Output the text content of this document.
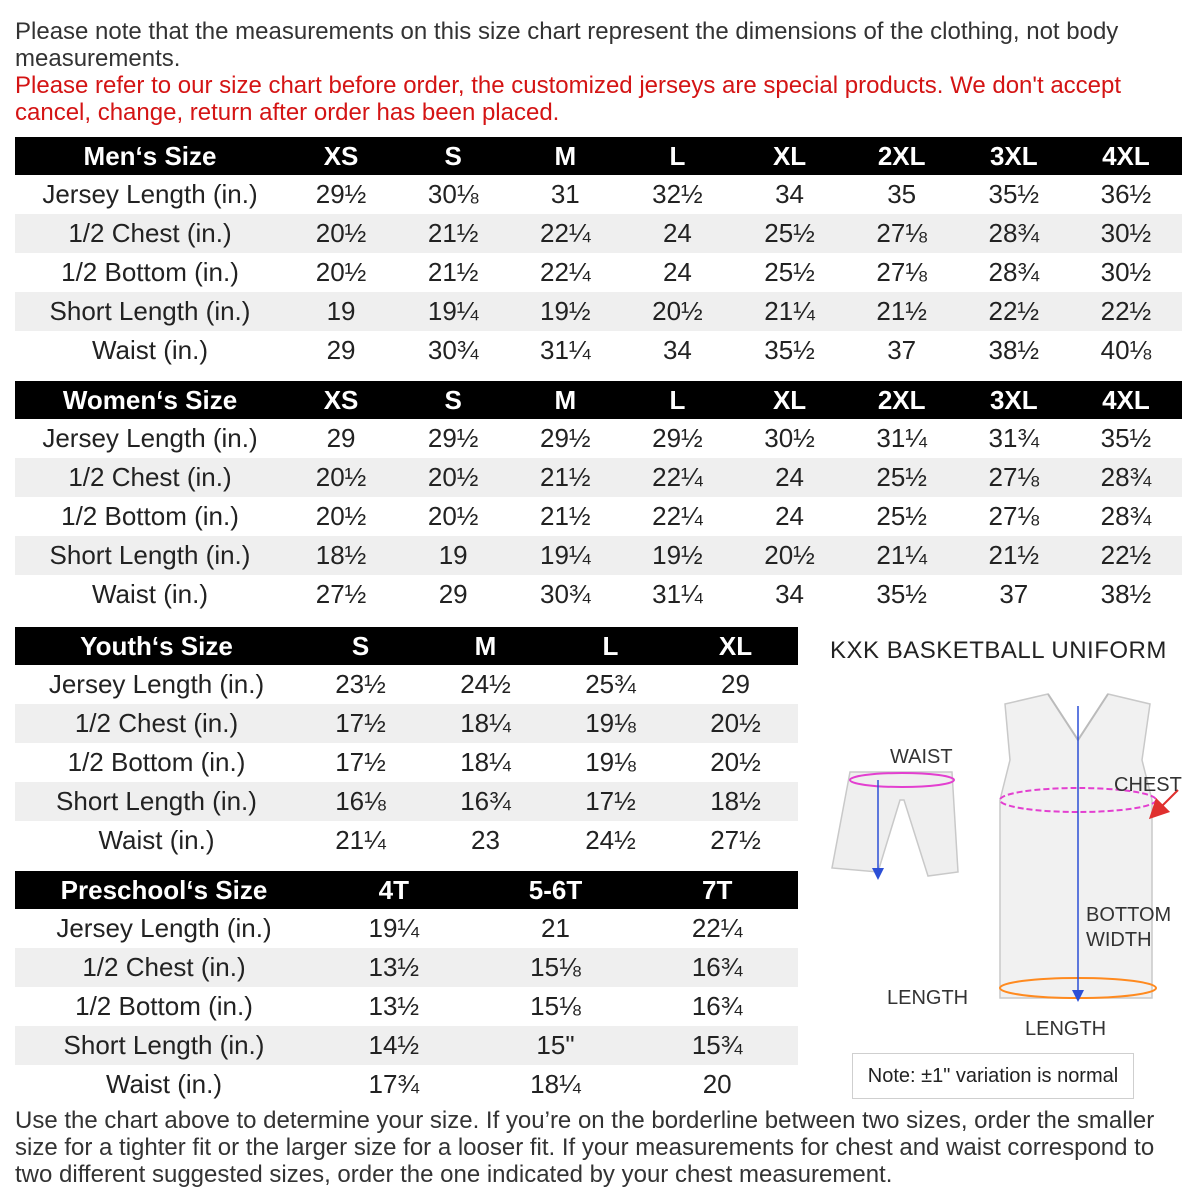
Please note that the measurements on this size chart represent the dimensions of the clothing, not body measurements.
Please refer to our size chart before order, the customized jerseys are special products. We don't accept cancel, change, return after order has been placed.
Men‘s Size	XS	S	M	L	XL	2XL	3XL	4XL
Jersey Length (in.)	29½	30⅛	31	32½	34	35	35½	36½
1/2 Chest (in.)	20½	21½	22¼	24	25½	27⅛	28¾	30½
1/2 Bottom (in.)	20½	21½	22¼	24	25½	27⅛	28¾	30½
Short Length (in.)	19	19¼	19½	20½	21¼	21½	22½	22½
Waist (in.)	29	30¾	31¼	34	35½	37	38½	40⅛
Women‘s Size	XS	S	M	L	XL	2XL	3XL	4XL
Jersey Length (in.)	29	29½	29½	29½	30½	31¼	31¾	35½
1/2 Chest (in.)	20½	20½	21½	22¼	24	25½	27⅛	28¾
1/2 Bottom (in.)	20½	20½	21½	22¼	24	25½	27⅛	28¾
Short Length (in.)	18½	19	19¼	19½	20½	21¼	21½	22½
Waist (in.)	27½	29	30¾	31¼	34	35½	37	38½
Youth‘s Size	S	M	L	XL
Jersey Length (in.)	23½	24½	25¾	29
1/2 Chest (in.)	17½	18¼	19⅛	20½
1/2 Bottom (in.)	17½	18¼	19⅛	20½
Short Length (in.)	16⅛	16¾	17½	18½
Waist (in.)	21¼	23	24½	27½
Preschool‘s Size	4T	5-6T	7T
Jersey Length (in.)	19¼	21	22¼
1/2 Chest (in.)	13½	15⅛	16¾
1/2 Bottom (in.)	13½	15⅛	16¾
Short Length (in.)	14½	15"	15¾
Waist (in.)	17¾	18¼	20
KXK BASKETBALL UNIFORM
WAIST
CHEST
BOTTOM
WIDTH
LENGTH
LENGTH
Note: ±1" variation is normal
Use the chart above to determine your size. If you’re on the borderline between two sizes, order the smaller size for a tighter fit or the larger size for a looser fit. If your measurements for chest and waist correspond to two different suggested sizes, order the one indicated by your chest measurement.
